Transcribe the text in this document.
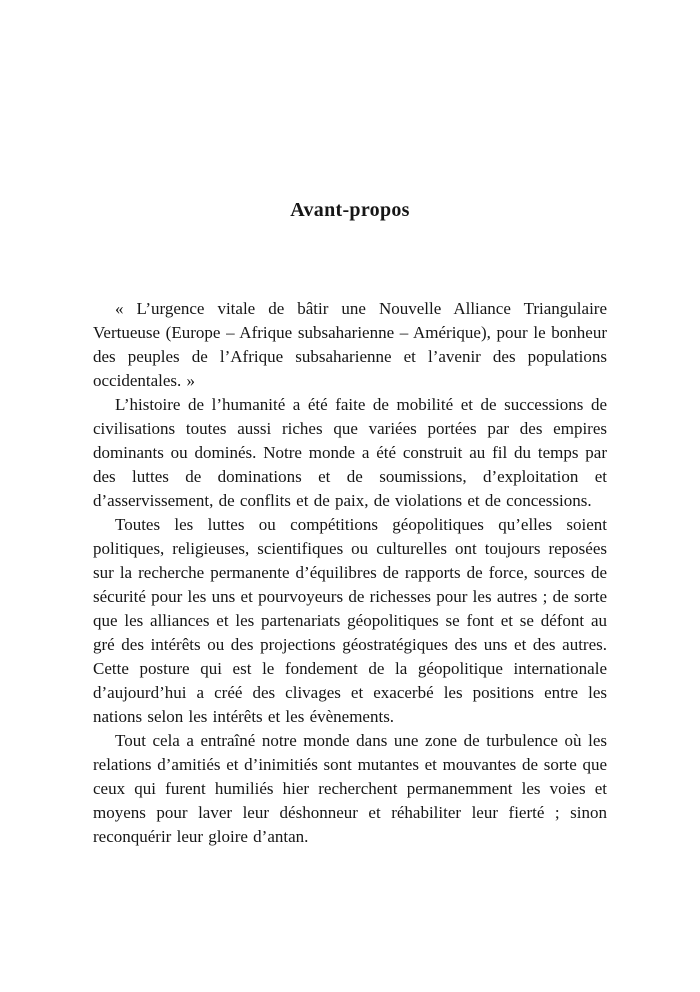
Avant-propos

« L’urgence vitale de bâtir une Nouvelle Alliance Triangulaire Vertueuse (Europe – Afrique subsaharienne – Amérique), pour le bonheur des peuples de l’Afrique subsaharienne et l’avenir des populations occidentales. »

L’histoire de l’humanité a été faite de mobilité et de successions de civilisations toutes aussi riches que variées portées par des empires dominants ou dominés. Notre monde a été construit au fil du temps par des luttes de dominations et de soumissions, d’exploitation et d’asservissement, de conflits et de paix, de violations et de concessions.

Toutes les luttes ou compétitions géopolitiques qu’elles soient politiques, religieuses, scientifiques ou culturelles ont toujours reposées sur la recherche permanente d’équilibres de rapports de force, sources de sécurité pour les uns et pourvoyeurs de richesses pour les autres ; de sorte que les alliances et les partenariats géopolitiques se font et se défont au gré des intérêts ou des projections géostratégiques des uns et des autres. Cette posture qui est le fondement de la géopolitique internationale d’aujourd’hui a créé des clivages et exacerbé les positions entre les nations selon les intérêts et les évènements.

Tout cela a entraîné notre monde dans une zone de turbulence où les relations d’amitiés et d’inimitiés sont mutantes et mouvantes de sorte que ceux qui furent humiliés hier recherchent permanemment les voies et moyens pour laver leur déshonneur et réhabiliter leur fierté ; sinon reconquérir leur gloire d’antan.
